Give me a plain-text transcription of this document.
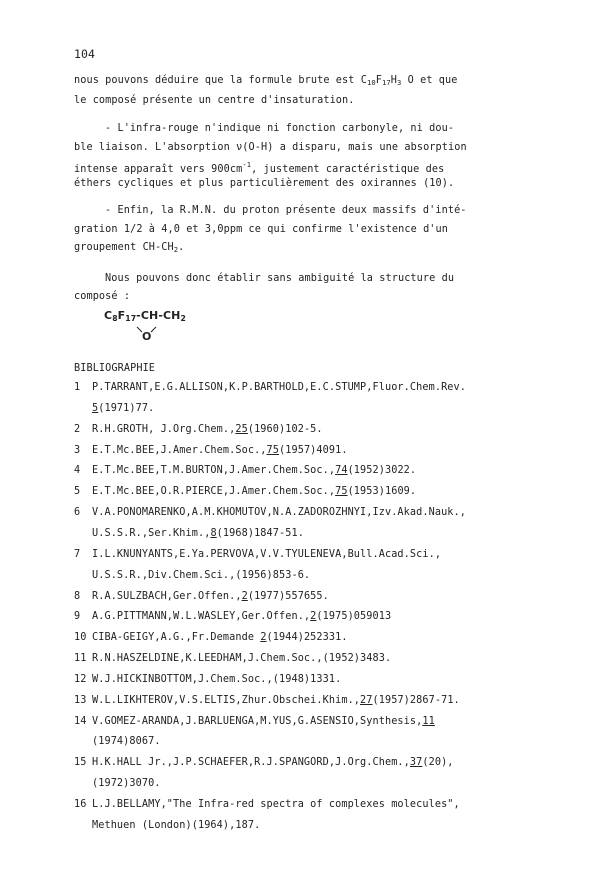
104
nous pouvons déduire que la formule brute est $C_{10}F_{17}H_3$ O et que
le composé présente un centre d'insaturation.
- L'infra-rouge n'indique ni fonction carbonyle, ni dou-
ble liaison. L'absorption ν(O-H) a disparu, mais une absorption
intense apparaît vers $900cm^{-1}$, justement caractéristique des
éthers cycliques et plus particulièrement des oxirannes (10).
- Enfin, la R.M.N. du proton présente deux massifs d'inté-
gration 1/2 à 4,0 et 3,0ppm ce qui confirme l'existence d'un
groupement $CH-CH_2$.
Nous pouvons donc établir sans ambiguité la structure du
composé :
$C_8F_{17}-CH-CH_2$
O
BIBLIOGRAPHIE
1 P.TARRANT,E.G.ALLISON,K.P.BARTHOLD,E.C.STUMP,Fluor.Chem.Rev.
5(1971)77.
2 R.H.GROTH, J.Org.Chem.,25(1960)102-5.
3 E.T.Mc.BEE,J.Amer.Chem.Soc.,75(1957)4091.
4 E.T.Mc.BEE,T.M.BURTON,J.Amer.Chem.Soc.,74(1952)3022.
5 E.T.Mc.BEE,O.R.PIERCE,J.Amer.Chem.Soc.,75(1953)1609.
6 V.A.PONOMARENKO,A.M.KHOMUTOV,N.A.ZADOROZHNYI,Izv.Akad.Nauk.,
U.S.S.R.,Ser.Khim.,8(1968)1847-51.
7 I.L.KNUNYANTS,E.Ya.PERVOVA,V.V.TYULENEVA,Bull.Acad.Sci.,
U.S.S.R.,Div.Chem.Sci.,(1956)853-6.
8 R.A.SULZBACH,Ger.Offen.,2(1977)557655.
9 A.G.PITTMANN,W.L.WASLEY,Ger.Offen.,2(1975)059013
10 CIBA-GEIGY,A.G.,Fr.Demande 2(1944)252331.
11 R.N.HASZELDINE,K.LEEDHAM,J.Chem.Soc.,(1952)3483.
12 W.J.HICKINBOTTOM,J.Chem.Soc.,(1948)1331.
13 W.L.LIKHTEROV,V.S.ELTIS,Zhur.Obschei.Khim.,27(1957)2867-71.
14 V.GOMEZ-ARANDA,J.BARLUENGA,M.YUS,G.ASENSIO,Synthesis,11
(1974)8067.
15 H.K.HALL Jr.,J.P.SCHAEFER,R.J.SPANGORD,J.Org.Chem.,37(20),
(1972)3070.
16 L.J.BELLAMY,"The Infra-red spectra of complexes molecules",
Methuen (London)(1964),187.
